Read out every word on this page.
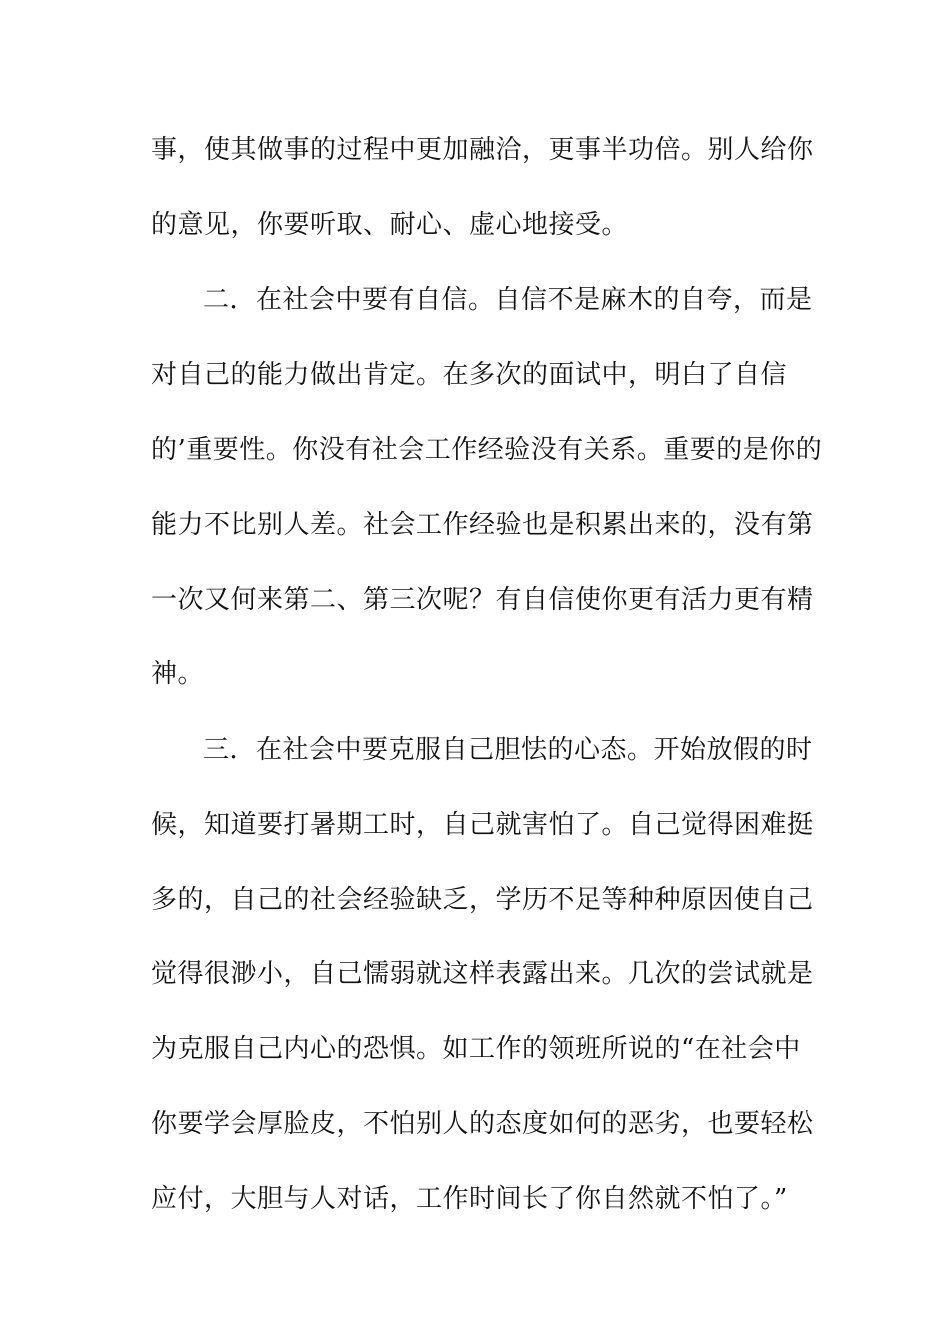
事，使其做事的过程中更加融洽，更事半功倍。别人给你

的意见，你要听取、耐心、虚心地接受。

二．在社会中要有自信。自信不是麻木的自夸，而是

对自己的能力做出肯定。在多次的面试中，明白了自信

的’重要性。你没有社会工作经验没有关系。重要的是你的

能力不比别人差。社会工作经验也是积累出来的，没有第

一次又何来第二、第三次呢？有自信使你更有活力更有精

神。

三．在社会中要克服自己胆怯的心态。开始放假的时

候，知道要打暑期工时，自己就害怕了。自己觉得困难挺

多的，自己的社会经验缺乏，学历不足等种种原因使自己

觉得很渺小，自己懦弱就这样表露出来。几次的尝试就是

为克服自己内心的恐惧。如工作的领班所说的“在社会中

你要学会厚脸皮，不怕别人的态度如何的恶劣，也要轻松

应付，大胆与人对话，工作时间长了你自然就不怕了。”
